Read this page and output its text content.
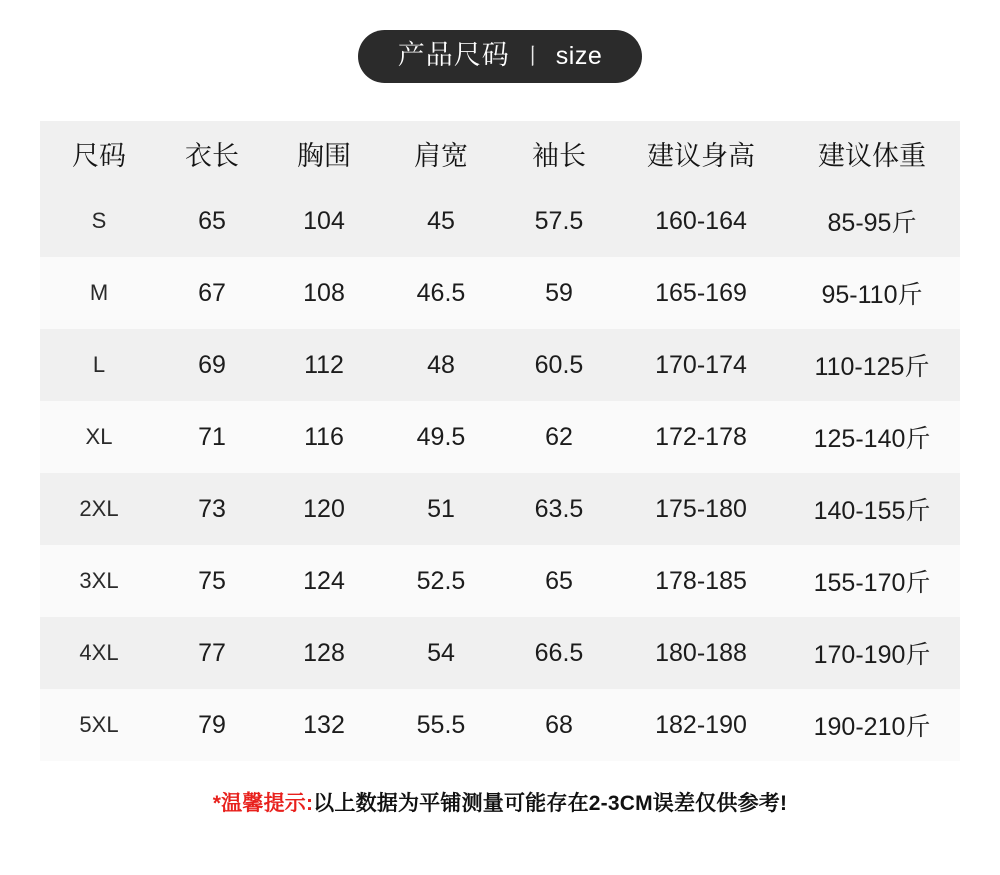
产品尺码 丨 size
尺码	衣长	胸围	肩宽	袖长	建议身高	建议体重
S	65	104	45	57.5	160-164	85-95斤
M	67	108	46.5	59	165-169	95-110斤
L	69	112	48	60.5	170-174	110-125斤
XL	71	116	49.5	62	172-178	125-140斤
2XL	73	120	51	63.5	175-180	140-155斤
3XL	75	124	52.5	65	178-185	155-170斤
4XL	77	128	54	66.5	180-188	170-190斤
5XL	79	132	55.5	68	182-190	190-210斤
*温馨提示:以上数据为平铺测量可能存在2-3CM误差仅供参考!
